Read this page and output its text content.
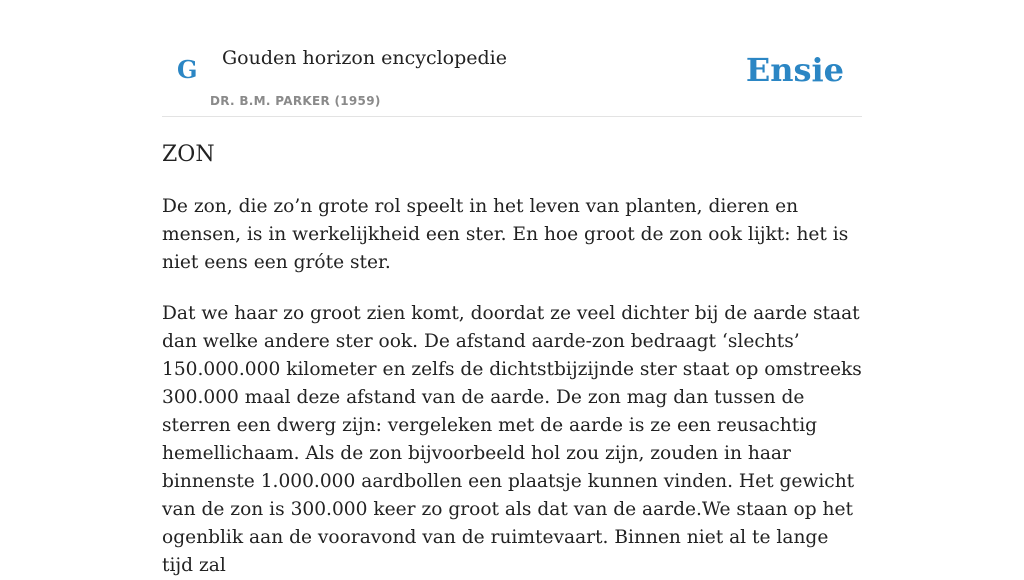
G Gouden horizon encyclopedie
DR. B.M. PARKER (1959)
Ensie
ZON

De zon, die zo’n grote rol speelt in het leven van planten, dieren en mensen, is in werkelijkheid een ster. En hoe groot de zon ook lijkt: het is niet eens een gróte ster.

Dat we haar zo groot zien komt, doordat ze veel dichter bij de aarde staat dan welke andere ster ook. De afstand aarde-zon bedraagt ‘slechts’ 150.000.000 kilometer en zelfs de dichtstbijzijnde ster staat op omstreeks 300.000 maal deze afstand van de aarde. De zon mag dan tussen de sterren een dwerg zijn: vergeleken met de aarde is ze een reusachtig hemellichaam. Als de zon bijvoorbeeld hol zou zijn, zouden in haar binnenste 1.000.000 aardbollen een plaatsje kunnen vinden. Het gewicht van de zon is 300.000 keer zo groot als dat van de aarde.We staan op het ogenblik aan de vooravond van de ruimtevaart. Binnen niet al te lange tijd zal
